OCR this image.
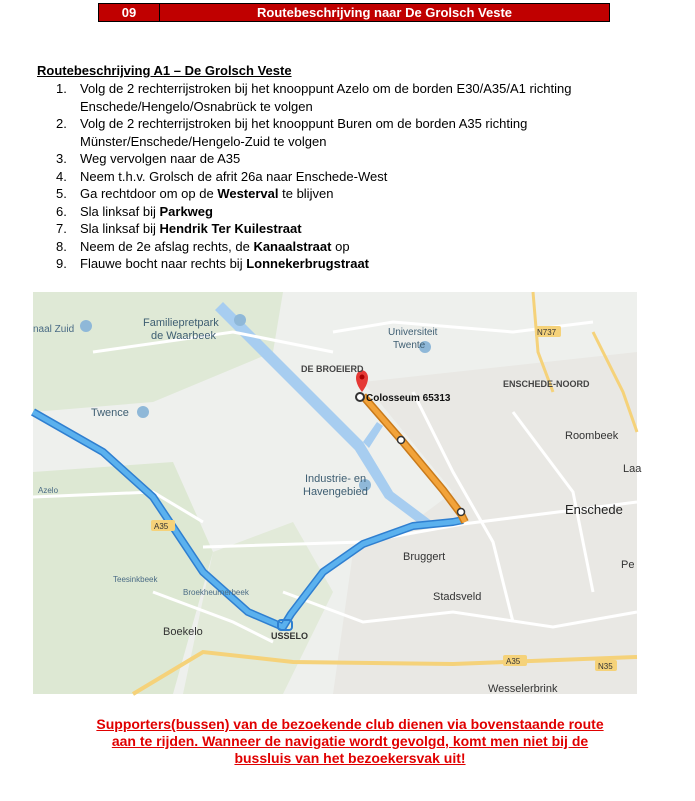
09	Routebeschrijving naar De Grolsch Veste

Routebeschrijving A1 – De Grolsch Veste

1.	Volg de 2 rechterrijstroken bij het knooppunt Azelo om de borden E30/A35/A1 richting Enschede/Hengelo/Osnabrück te volgen
2.	Volg de 2 rechterrijstroken bij het knooppunt Buren om de borden A35 richting Münster/Enschede/Hengelo-Zuid te volgen
3.	Weg vervolgen naar de A35
4.	Neem t.h.v. Grolsch de afrit 26a naar Enschede-West
5.	Ga rechtdoor om op de Westerval te blijven
6.	Sla linksaf bij Parkweg
7.	Sla linksaf bij Hendrik Ter Kuilestraat
8.	Neem de 2e afslag rechts, de Kanaalstraat op
9.	Flauwe bocht naar rechts bij Lonnekerbrugstraat
naal Zuid
Familiepretpark
de Waarbeek	Universiteit
Twente
N737
DE BROEIERD
Colosseum 65313
ENSCHEDE-NOORD
Twence
Roombeek
Laa
Industrie- en
Havengebied
Enschede
A35
Bruggert
Stadsveld
Boekelo	USSELO
A35
N35
Wesselerbrink
Teesinkbeek
Broekheurnerbeek
Pe
Azelo
Supporters(bussen) van de bezoekende club dienen via bovenstaande route
aan te rijden. Wanneer de navigatie wordt gevolgd, komt men niet bij de
bussluis van het bezoekersvak uit!
